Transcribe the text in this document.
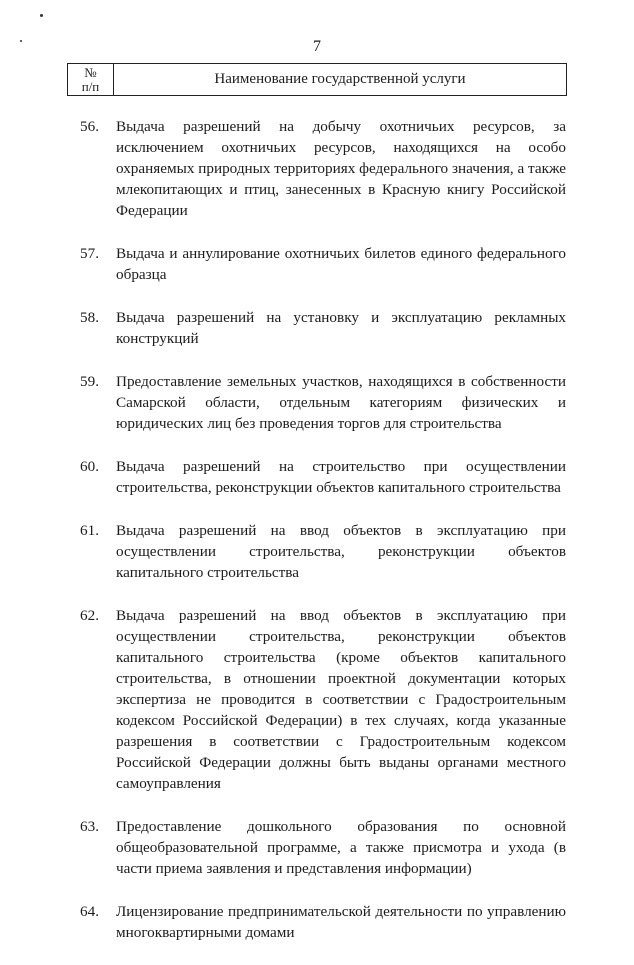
7
№
п/п	Наименование государственной услуги
56.	Выдача разрешений на добычу охотничьих ресурсов, за исключением охотничьих ресурсов, находящихся на особо охраняемых природных территориях федерального значения, а также млекопитающих и птиц, занесенных в Красную книгу Российской Федерации
57.	Выдача и аннулирование охотничьих билетов единого федерального образца
58.	Выдача разрешений на установку и эксплуатацию рекламных конструкций
59.	Предоставление земельных участков, находящихся в собственности Самарской области, отдельным категориям физических и юридических лиц без проведения торгов для строительства
60.	Выдача разрешений на строительство при осуществлении строительства, реконструкции объектов капитального строительства
61.	Выдача разрешений на ввод объектов в эксплуатацию при осуществлении строительства, реконструкции объектов капитального строительства
62.	Выдача разрешений на ввод объектов в эксплуатацию при осуществлении строительства, реконструкции объектов капитального строительства (кроме объектов капитального строительства, в отношении проектной документации которых экспертиза не проводится в соответствии с Градостроительным кодексом Российской Федерации) в тех случаях, когда указанные разрешения в соответствии с Градостроительным кодексом Российской Федерации должны быть выданы органами местного самоуправления
63.	Предоставление дошкольного образования по основной общеобразовательной программе, а также присмотра и ухода (в части приема заявления и представления информации)
64.	Лицензирование предпринимательской деятельности по управлению многоквартирными домами
